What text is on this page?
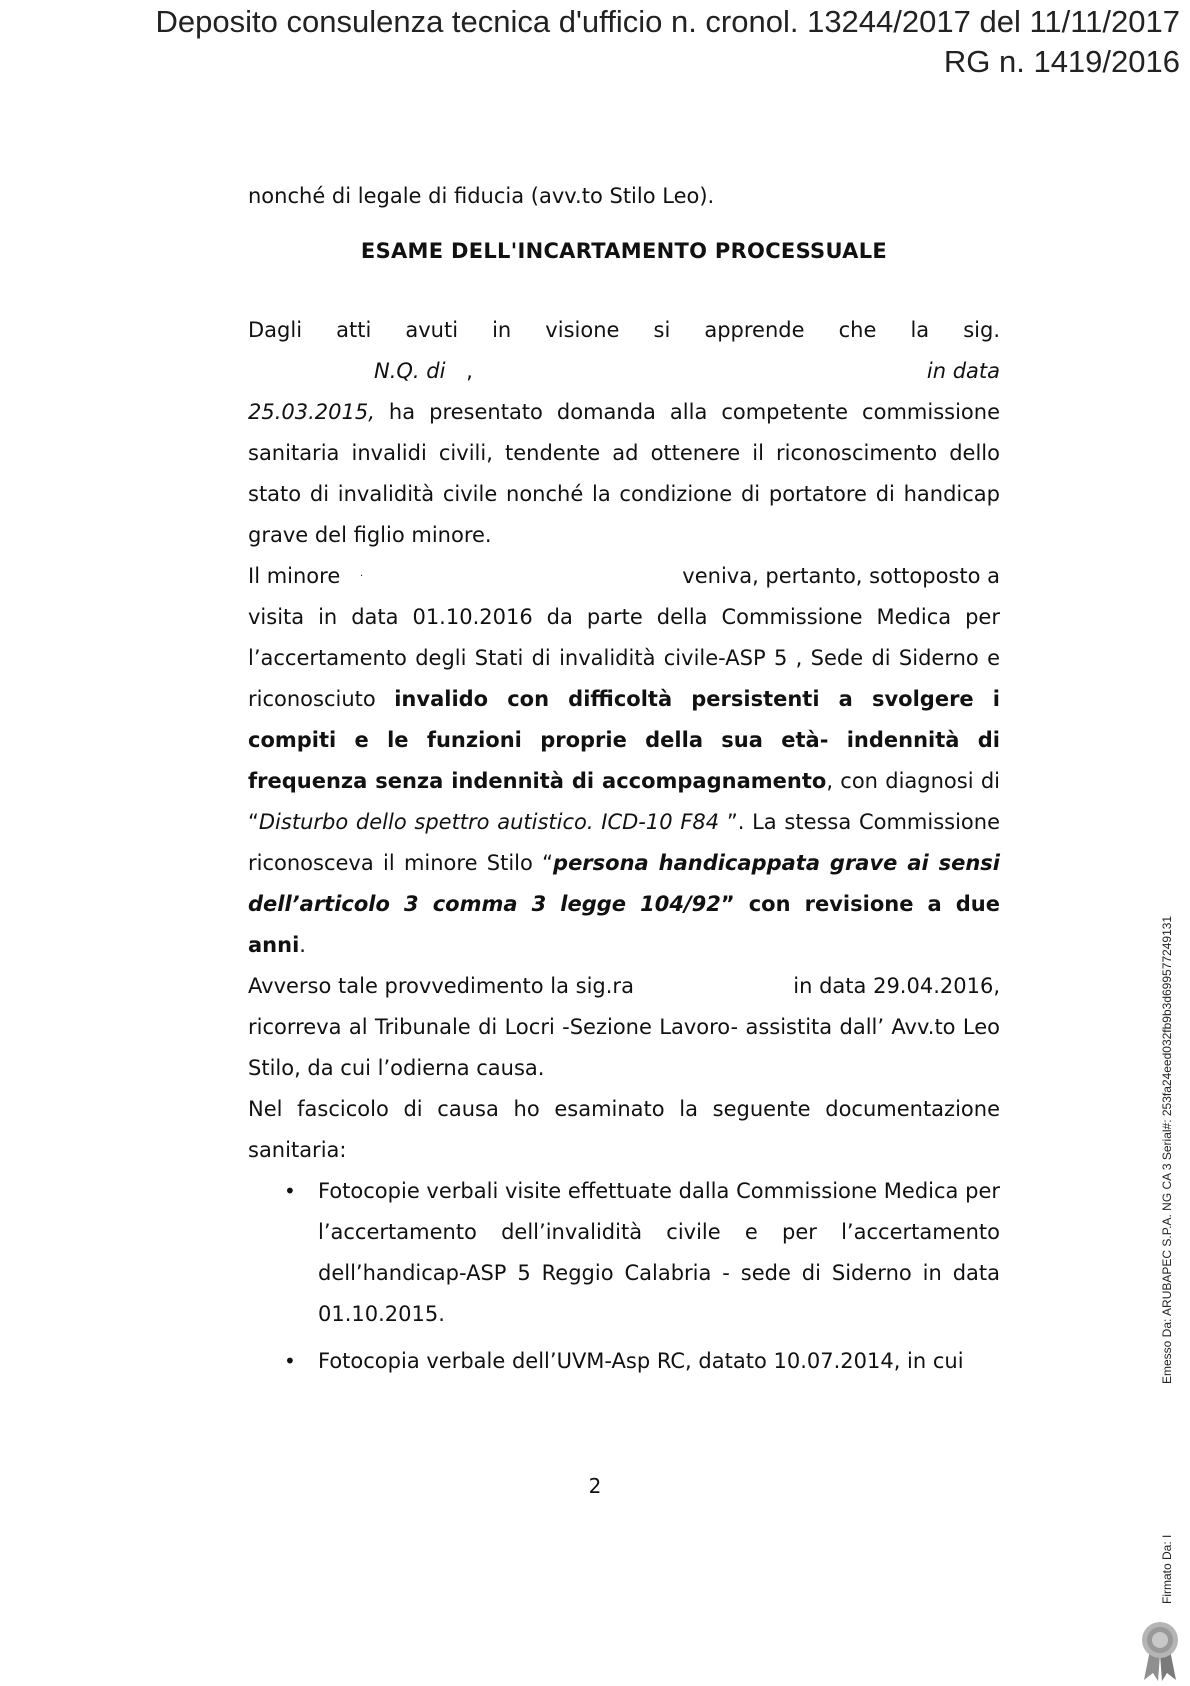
Deposito consulenza tecnica d'ufficio n. cronol. 13244/2017 del 11/11/2017
RG n. 1419/2016

nonché di legale di fiducia (avv.to Stilo Leo).

ESAME DELL'INCARTAMENTO PROCESSUALE

Dagli atti avuti in visione si apprende che la sig.

N.Q. di ‚	in data

25.03.2015, ha presentato domanda alla competente commissione sanitaria invalidi civili, tendente ad ottenere il riconoscimento dello stato di invalidità civile nonché la condizione di portatore di handicap grave del figlio minore.

Il minore ·	veniva, pertanto, sottoposto a

visita in data 01.10.2016 da parte della Commissione Medica per l’accertamento degli Stati di invalidità civile-ASP 5 , Sede di Siderno e riconosciuto invalido con difficoltà persistenti a svolgere i compiti e le funzioni proprie della sua età- indennità di frequenza senza indennità di accompagnamento, con diagnosi di “Disturbo dello spettro autistico. ICD-10 F84 ”. La stessa Commissione riconosceva il minore Stilo “persona handicappata grave ai sensi dell’articolo 3 comma 3 legge 104/92” con revisione a due anni.

Avverso tale provvedimento la sig.ra	in data 29.04.2016,

ricorreva al Tribunale di Locri -Sezione Lavoro- assistita dall’ Avv.to Leo Stilo, da cui l’odierna causa.

Nel fascicolo di causa ho esaminato la seguente documentazione sanitaria:

• Fotocopie verbali visite effettuate dalla Commissione Medica per l’accertamento dell’invalidità civile e per l’accertamento dell’handicap-ASP 5 Reggio Calabria - sede di Siderno in data 01.10.2015.
• Fotocopia verbale dell’UVM-Asp RC, datato 10.07.2014, in cui
2
Emesso Da: ARUBAPEC S.P.A. NG CA 3 Serial#: 253fa24eed032fb9b3d699577249131
Firmato Da: I
